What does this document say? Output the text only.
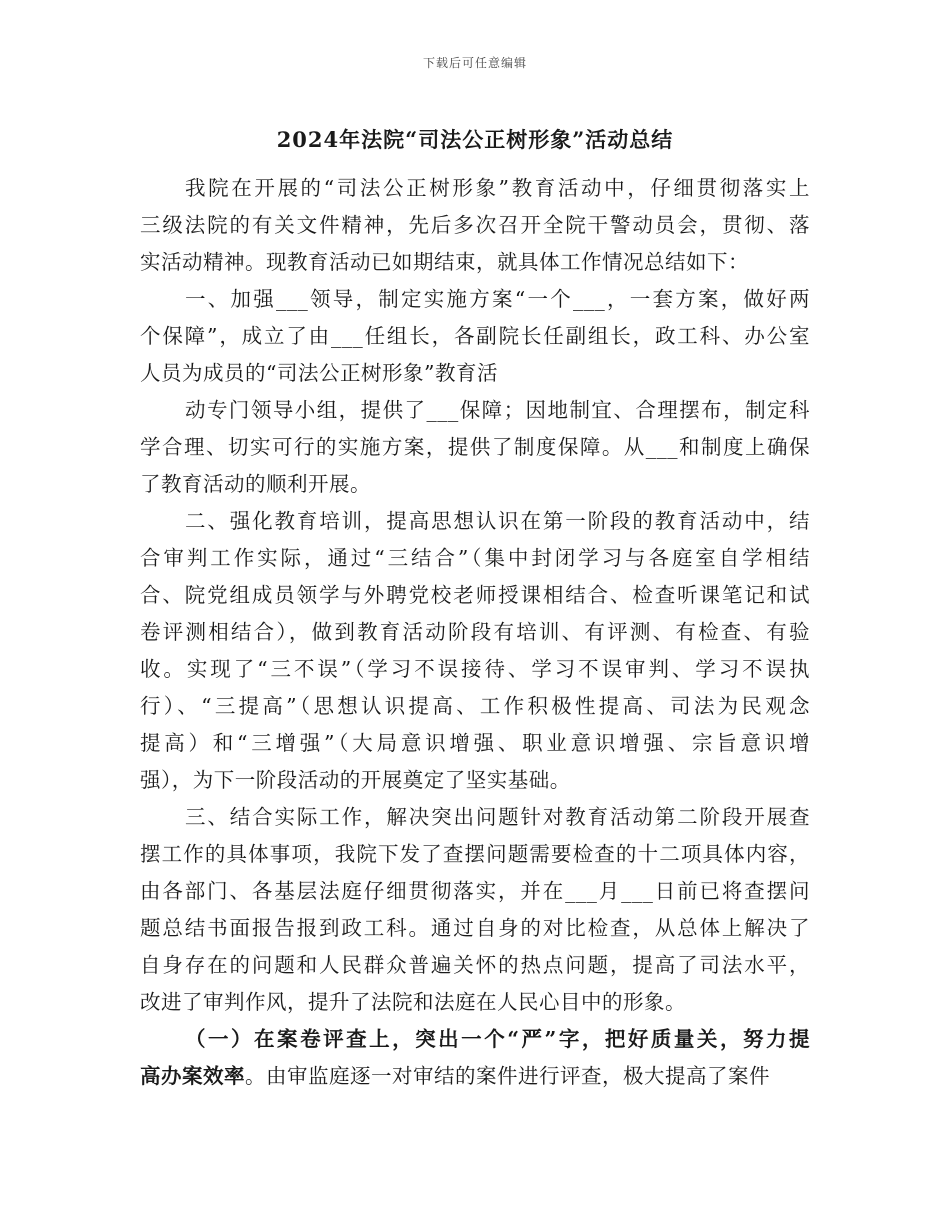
下载后可任意编辑
2024年法院“司法公正树形象”活动总结
我院在开展的“司法公正树形象”教育活动中，仔细贯彻落实上
三级法院的有关文件精神，先后多次召开全院干警动员会，贯彻、落
实活动精神。现教育活动已如期结束，就具体工作情况总结如下：
一、加强___领导，制定实施方案“一个___，一套方案，做好两
个保障”，成立了由___任组长，各副院长任副组长，政工科、办公室
人员为成员的“司法公正树形象”教育活
动专门领导小组，提供了___保障；因地制宜、合理摆布，制定科
学合理、切实可行的实施方案，提供了制度保障。从___和制度上确保
了教育活动的顺利开展。
二、强化教育培训，提高思想认识在第一阶段的教育活动中，结
合审判工作实际，通过“三结合”（集中封闭学习与各庭室自学相结
合、院党组成员领学与外聘党校老师授课相结合、检查听课笔记和试
卷评测相结合），做到教育活动阶段有培训、有评测、有检查、有验
收。实现了“三不误”（学习不误接待、学习不误审判、学习不误执
行）、“三提高”（思想认识提高、工作积极性提高、司法为民观念
提高）和“三增强”（大局意识增强、职业意识增强、宗旨意识增
强），为下一阶段活动的开展奠定了坚实基础。
三、结合实际工作，解决突出问题针对教育活动第二阶段开展查
摆工作的具体事项，我院下发了查摆问题需要检查的十二项具体内容，
由各部门、各基层法庭仔细贯彻落实，并在___月___日前已将查摆问
题总结书面报告报到政工科。通过自身的对比检查，从总体上解决了
自身存在的问题和人民群众普遍关怀的热点问题，提高了司法水平，
改进了审判作风，提升了法院和法庭在人民心目中的形象。
（一）在案卷评查上，突出一个“严”字，把好质量关，努力提
高办案效率。由审监庭逐一对审结的案件进行评查，极大提高了案件
